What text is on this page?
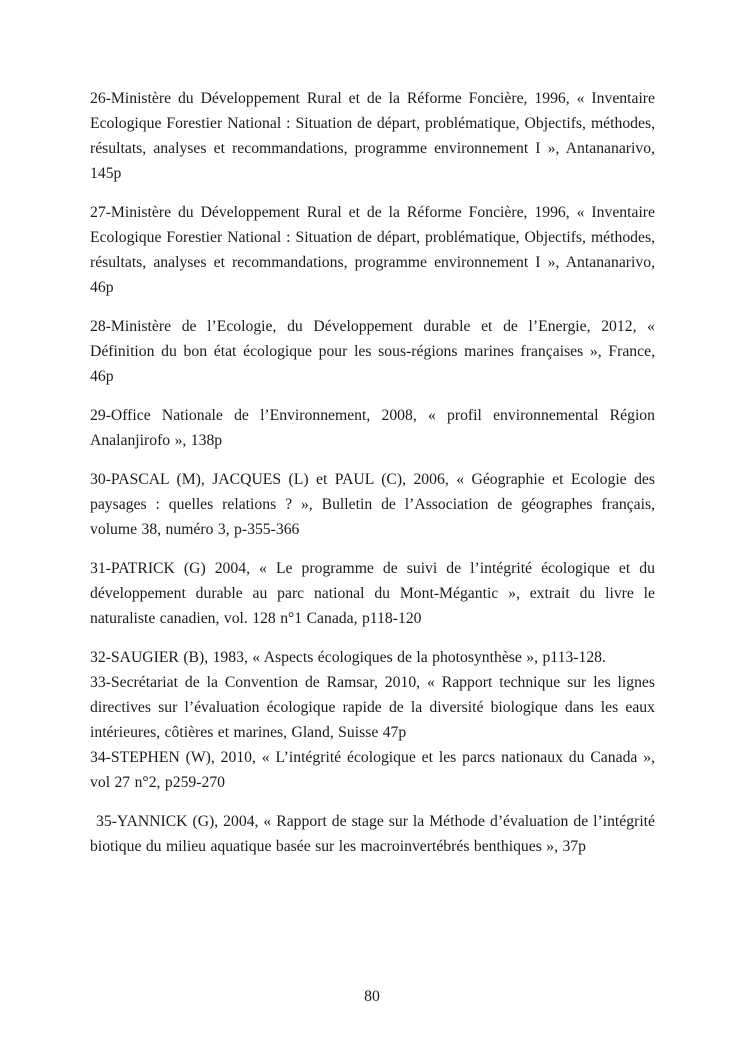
26-Ministère du Développement Rural et de la Réforme Foncière, 1996, « Inventaire Ecologique Forestier National : Situation de départ, problématique, Objectifs, méthodes, résultats, analyses et recommandations, programme environnement I », Antananarivo, 145p

27-Ministère du Développement Rural et de la Réforme Foncière, 1996, « Inventaire Ecologique Forestier National : Situation de départ, problématique, Objectifs, méthodes, résultats, analyses et recommandations, programme environnement I », Antananarivo, 46p

28-Ministère de l’Ecologie, du Développement durable et de l’Energie, 2012, « Définition du bon état écologique pour les sous-régions marines françaises », France, 46p

29-Office Nationale de l’Environnement, 2008, « profil environnemental Région Analanjirofo », 138p

30-PASCAL (M), JACQUES (L) et PAUL (C), 2006, « Géographie et Ecologie des paysages : quelles relations ? », Bulletin de l’Association de géographes français, volume 38, numéro 3, p-355-366

31-PATRICK (G) 2004, « Le programme de suivi de l’intégrité écologique et du développement durable au parc national du Mont-Mégantic », extrait du livre le naturaliste canadien, vol. 128 n°1 Canada, p118-120

32-SAUGIER (B), 1983, « Aspects écologiques de la photosynthèse », p113-128.

33-Secrétariat de la Convention de Ramsar, 2010, « Rapport technique sur les lignes directives sur l’évaluation écologique rapide de la diversité biologique dans les eaux intérieures, côtières et marines, Gland, Suisse 47p

34-STEPHEN (W), 2010, « L’intégrité écologique et les parcs nationaux du Canada », vol 27 n°2, p259-270

35-YANNICK (G), 2004, « Rapport de stage sur la Méthode d’évaluation de l’intégrité biotique du milieu aquatique basée sur les macroinvertébrés benthiques », 37p

80
